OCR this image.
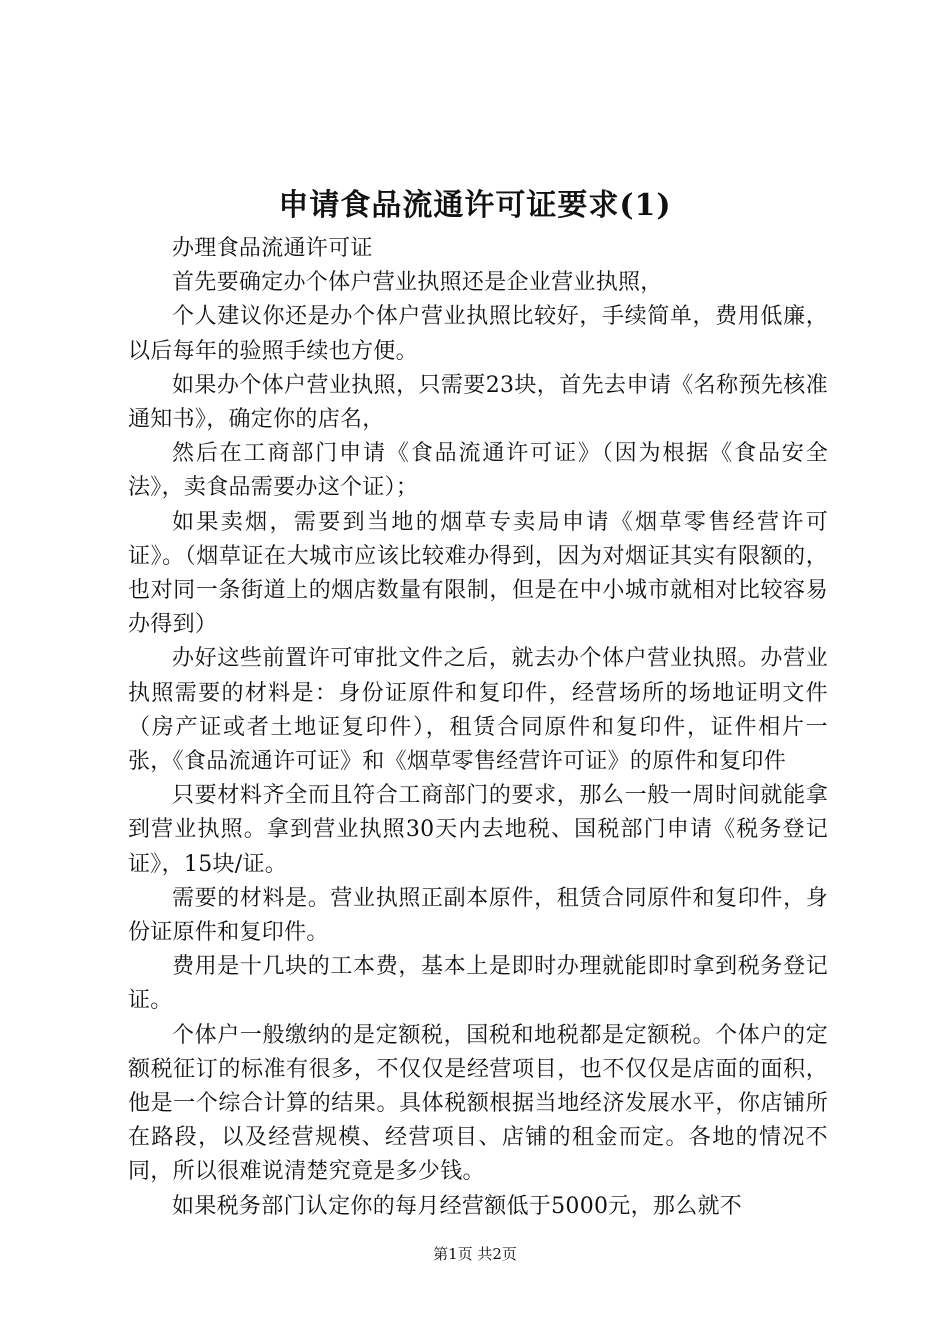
申请食品流通许可证要求(1)

办理食品流通许可证

首先要确定办个体户营业执照还是企业营业执照，

个人建议你还是办个体户营业执照比较好，手续简单，费用低廉，以后每年的验照手续也方便。

如果办个体户营业执照，只需要23块，首先去申请《名称预先核准通知书》，确定你的店名，

然后在工商部门申请《食品流通许可证》（因为根据《食品安全法》，卖食品需要办这个证）；

如果卖烟，需要到当地的烟草专卖局申请《烟草零售经营许可证》。（烟草证在大城市应该比较难办得到，因为对烟证其实有限额的，也对同一条街道上的烟店数量有限制，但是在中小城市就相对比较容易办得到）

办好这些前置许可审批文件之后，就去办个体户营业执照。办营业执照需要的材料是：身份证原件和复印件，经营场所的场地证明文件（房产证或者土地证复印件），租赁合同原件和复印件，证件相片一张，《食品流通许可证》和《烟草零售经营许可证》的原件和复印件

只要材料齐全而且符合工商部门的要求，那么一般一周时间就能拿到营业执照。拿到营业执照30天内去地税、国税部门申请《税务登记证》，15块/证。

需要的材料是。营业执照正副本原件，租赁合同原件和复印件，身份证原件和复印件。

费用是十几块的工本费，基本上是即时办理就能即时拿到税务登记证。

个体户一般缴纳的是定额税，国税和地税都是定额税。个体户的定额税征订的标准有很多，不仅仅是经营项目，也不仅仅是店面的面积，他是一个综合计算的结果。具体税额根据当地经济发展水平，你店铺所在路段，以及经营规模、经营项目、店铺的租金而定。各地的情况不同，所以很难说清楚究竟是多少钱。

如果税务部门认定你的每月经营额低于5000元，那么就不

第1页 共2页
